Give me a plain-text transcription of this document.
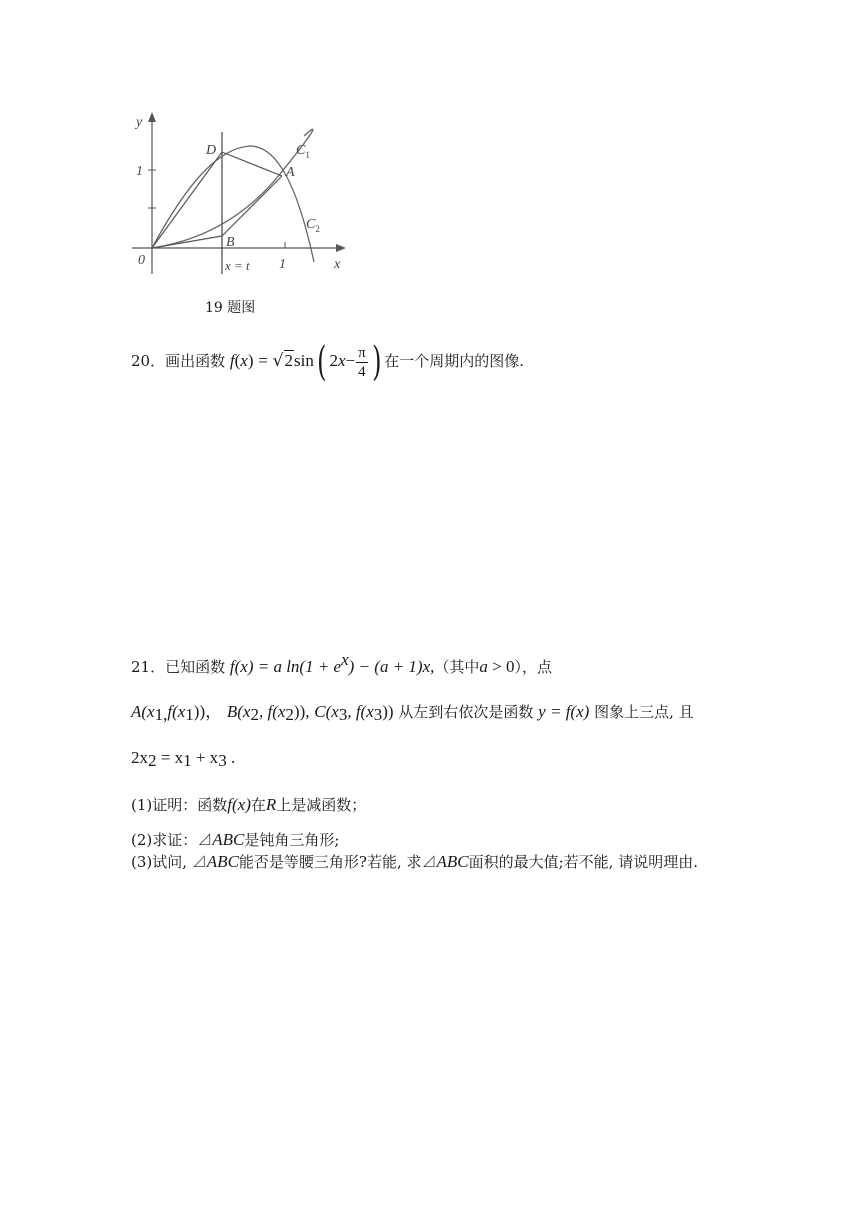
y
x
0
1
1
x = t
D
A
B
$C_1$
$C_2$
19 题图
20．画出函数 f(x) = √2sin( $2x- \frac{\pi}{4}$ ) 在一个周期内的图像.
21．已知函数 f(x) = a $\ln(1 + e^x) - (a + 1)x$,（其中a > 0），点
$A(x_{1,}f(x_1))$， $B(x_2$, $f(x_2)$), $C(x_3$, $f(x_3)$) 从左到右依次是函数 y = f(x) 图象上三点, 且
$2x_2 = x_1 + x_3$ .
(1)证明：函数f(x)在R上是减函数；
(2)求证：⊿ABC是钝角三角形;
(3)试问, ⊿ABC能否是等腰三角形?若能, 求⊿ABC面积的最大值;若不能, 请说明理由.
